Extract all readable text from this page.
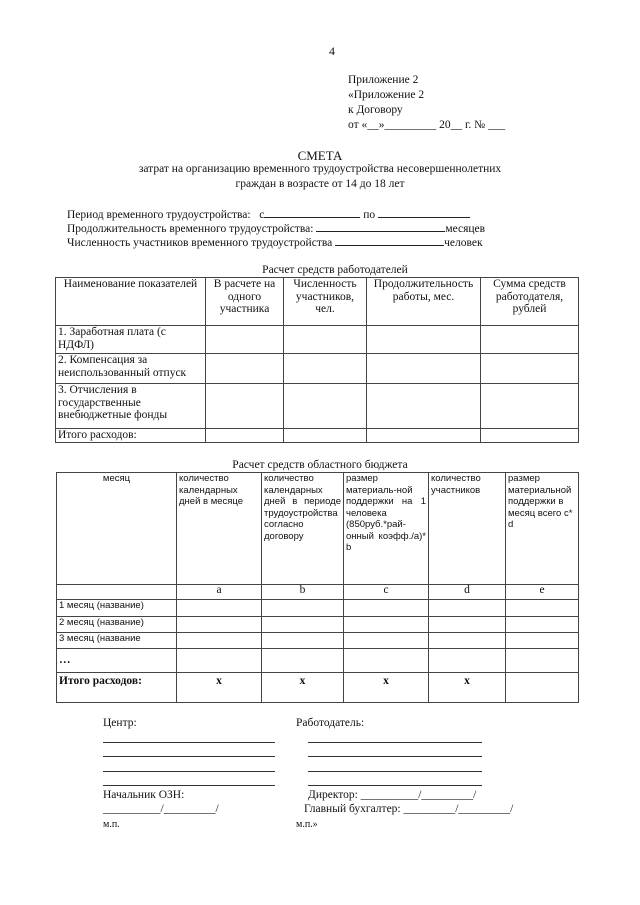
4
Приложение 2
«Приложение 2
к Договору
от «__»_________ 20__ г. № ___
СМЕТА
затрат на организацию временного трудоустройства несовершеннолетних
граждан в возрасте от 14 до 18 лет
Период временного трудоустройства: с	по
Продолжительность временного трудоустройства:	месяцев
Численность участников временного трудоустройства	человек
Расчет средств работодателей
Наименование показателей	В расчете на одного участника	Численность участников, чел.	Продолжительность работы, мес.	Сумма средств работодателя, рублей
1. Заработная плата (с НДФЛ)				
2. Компенсация за неиспользованный отпуск				
3. Отчисления в государственные внебюджетные фонды				
Итого расходов:				
Расчет средств областного бюджета
месяц	количество календарных дней в месяце	количество календарных дней в периоде трудоустройства согласно договору	размер материаль-ной поддержки на 1 человека (850руб.*рай-онный коэфф./а)* b	количество участников	размер материальной поддержки в месяц всего c* d
	a	b	c	d	e
1 месяц (название)					
2 месяц (название)					
3 месяц (название					
…					
Итого расходов:	x	x	x	x	
Центр:
Начальник ОЗН:
__________/_________/
м.п.
Работодатель:
Директор: __________/_________/
Главный бухгалтер: _________/_________/
м.п.»
